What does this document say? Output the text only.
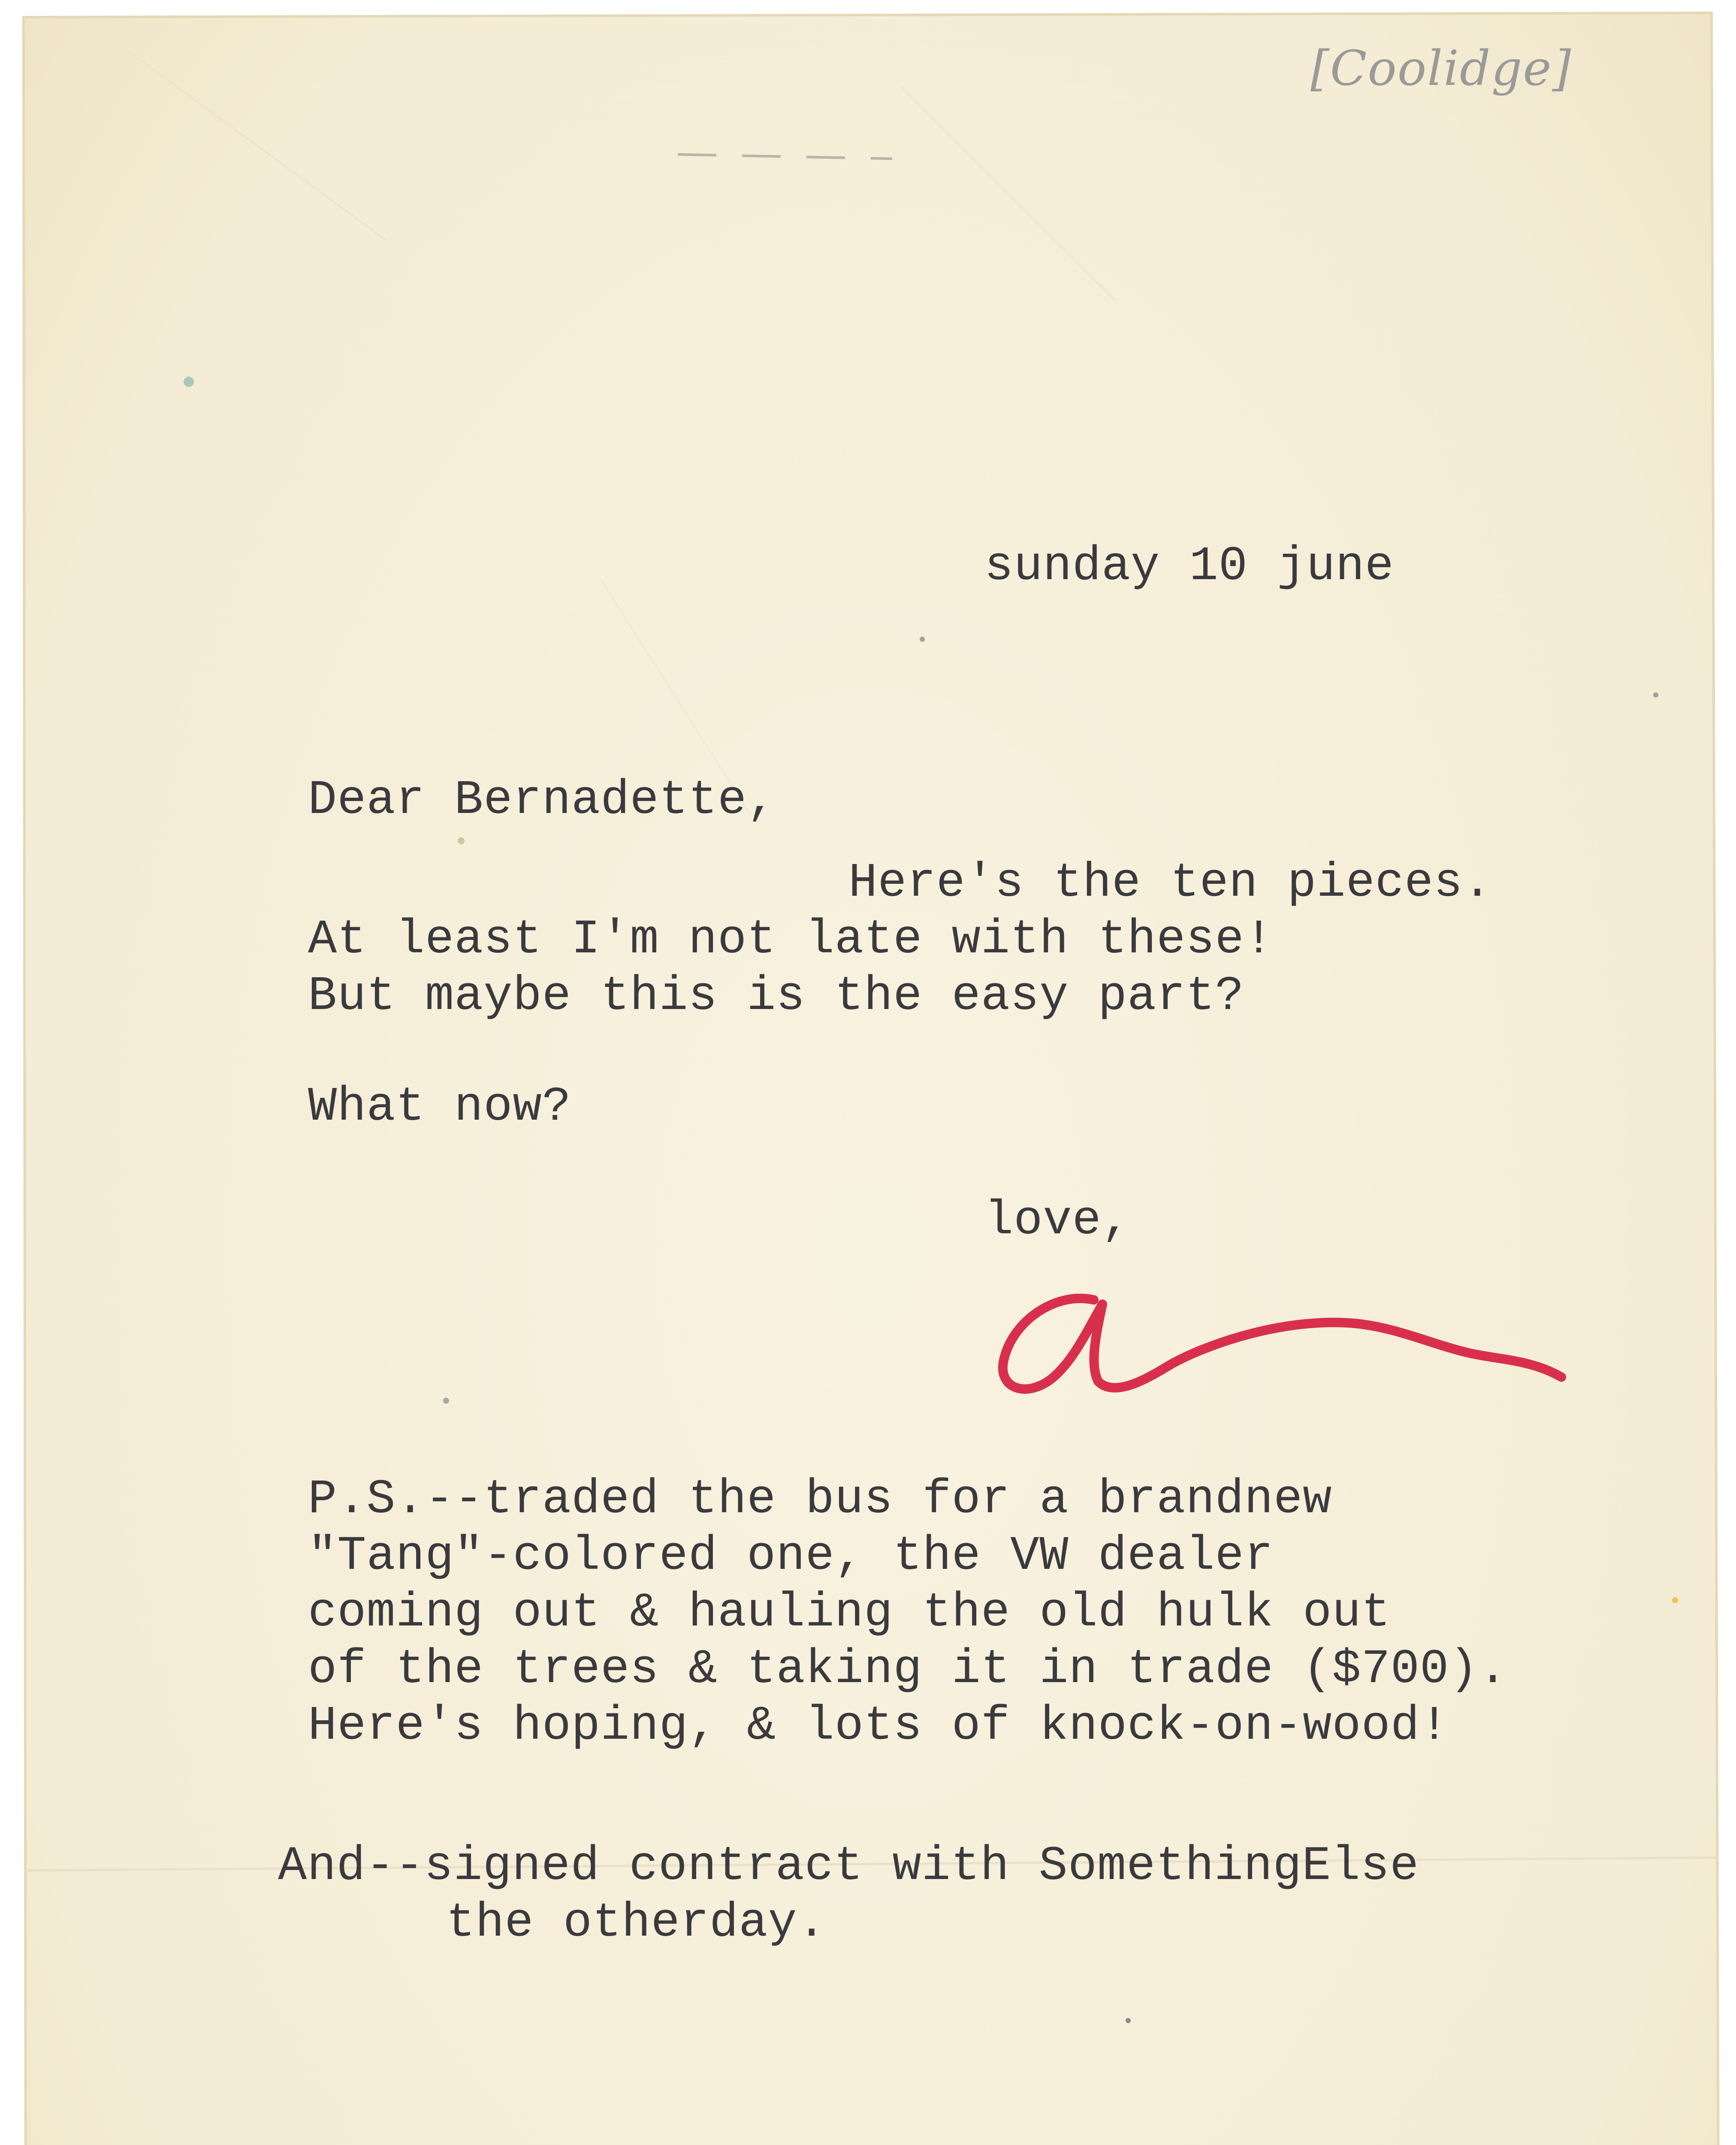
[Coolidge]
sunday 10 june
Dear Bernadette,
Here's the ten pieces.
At least I'm not late with these!
But maybe this is the easy part?
What now?
love,
P.S.--traded the bus for a brandnew
"Tang"-colored one, the VW dealer
coming out & hauling the old hulk out
of the trees & taking it in trade ($700).
Here's hoping, & lots of knock-on-wood!
And--signed contract with SomethingElse
the otherday.
